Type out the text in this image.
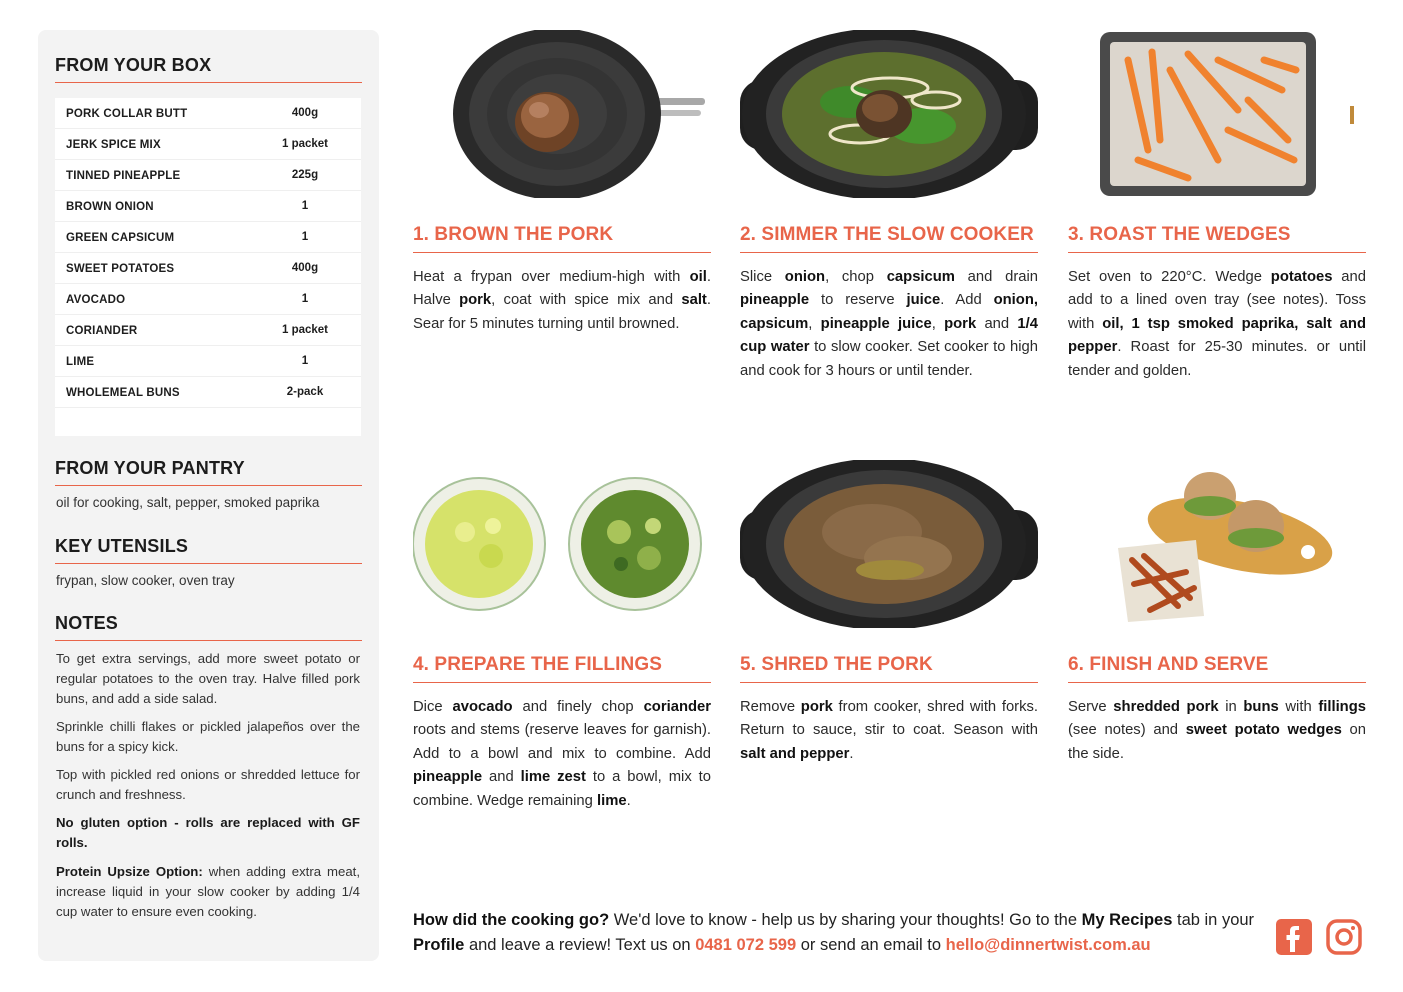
FROM YOUR BOX
PORK COLLAR BUTT	400g
JERK SPICE MIX	1 packet
TINNED PINEAPPLE	225g
BROWN ONION	1
GREEN CAPSICUM	1
SWEET POTATOES	400g
AVOCADO	1
CORIANDER	1 packet
LIME	1
WHOLEMEAL BUNS	2-pack
FROM YOUR PANTRY
oil for cooking, salt, pepper, smoked paprika
KEY UTENSILS
frypan, slow cooker, oven tray
NOTES
To get extra servings, add more sweet potato or regular potatoes to the oven tray. Halve filled pork buns, and add a side salad.
Sprinkle chilli flakes or pickled jalapeños over the buns for a spicy kick.
Top with pickled red onions or shredded lettuce for crunch and freshness.
No gluten option - rolls are replaced with GF rolls.
Protein Upsize Option: when adding extra meat, increase liquid in your slow cooker by adding 1/4 cup water to ensure even cooking.
1. BROWN THE PORK
Heat a frypan over medium-high with oil. Halve pork, coat with spice mix and salt. Sear for 5 minutes turning until browned.
2. SIMMER THE SLOW COOKER
Slice onion, chop capsicum and drain pineapple to reserve juice. Add onion, capsicum, pineapple juice, pork and 1/4 cup water to slow cooker. Set cooker to high and cook for 3 hours or until tender.
3. ROAST THE WEDGES
Set oven to 220°C. Wedge potatoes and add to a lined oven tray (see notes). Toss with oil, 1 tsp smoked paprika, salt and pepper. Roast for 25-30 minutes. or until tender and golden.
4. PREPARE THE FILLINGS
Dice avocado and finely chop coriander roots and stems (reserve leaves for garnish). Add to a bowl and mix to combine. Add pineapple and lime zest to a bowl, mix to combine. Wedge remaining lime.
5. SHRED THE PORK
Remove pork from cooker, shred with forks. Return to sauce, stir to coat. Season with salt and pepper.
6. FINISH AND SERVE
Serve shredded pork in buns with fillings (see notes) and sweet potato wedges on the side.
How did the cooking go? We'd love to know - help us by sharing your thoughts! Go to the My Recipes tab in your Profile and leave a review! Text us on 0481 072 599 or send an email to hello@dinnertwist.com.au
